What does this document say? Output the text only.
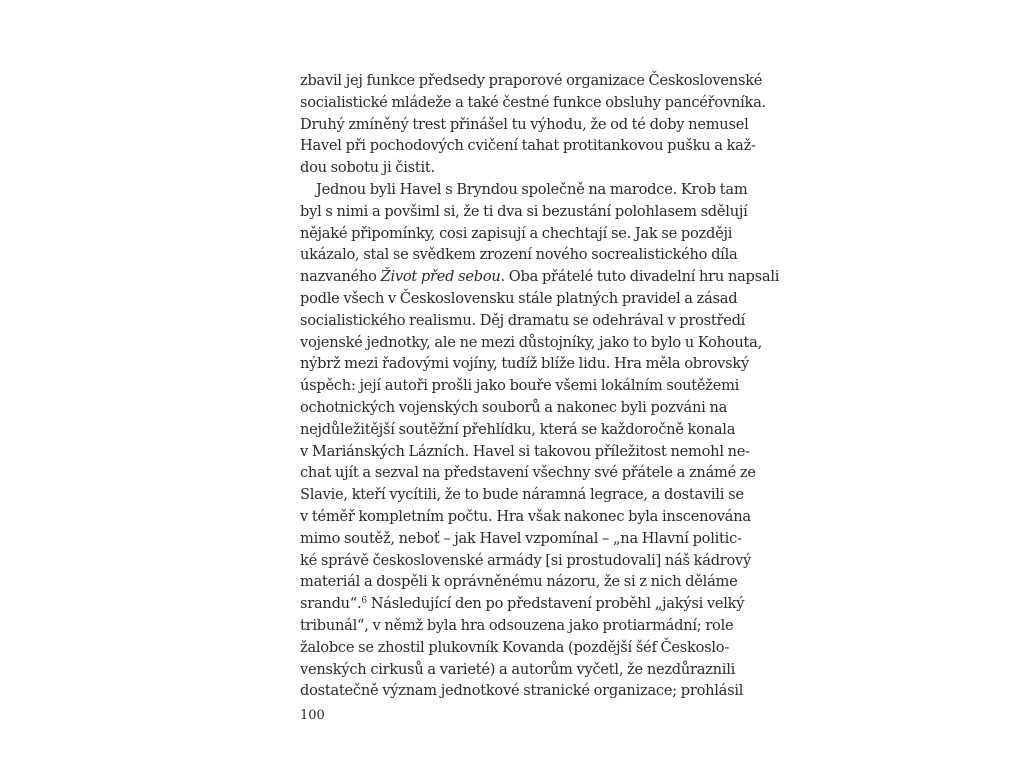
zbavil jej funkce předsedy praporové organizace Československé
socialistické mládeže a také čestné funkce obsluhy pancéřovníka.
Druhý zmíněný trest přinášel tu výhodu, že od té doby nemusel
Havel při pochodových cvičení tahat protitankovou pušku a kaž-
dou sobotu ji čistit.
Jednou byli Havel s Bryndou společně na marodce. Krob tam
byl s nimi a povšiml si, že ti dva si bezustání polohlasem sdělují
nějaké připomínky, cosi zapisují a chechtají se. Jak se později
ukázalo, stal se svědkem zrození nového socrealistického díla
nazvaného Život před sebou. Oba přátelé tuto divadelní hru napsali
podle všech v Československu stále platných pravidel a zásad
socialistického realismu. Děj dramatu se odehrával v prostředí
vojenské jednotky, ale ne mezi důstojníky, jako to bylo u Kohouta,
nýbrž mezi řadovými vojíny, tudíž blíže lidu. Hra měla obrovský
úspěch: její autoři prošli jako bouře všemi lokálním soutěžemi
ochotnických vojenských souborů a nakonec byli pozváni na
nejdůležitější soutěžní přehlídku, která se každoročně konala
v Mariánských Lázních. Havel si takovou příležitost nemohl ne-
chat ujít a sezval na představení všechny své přátele a známé ze
Slavie, kteří vycítili, že to bude náramná legrace, a dostavili se
v téměř kompletním počtu. Hra však nakonec byla inscenována
mimo soutěž, neboť – jak Havel vzpomínal – „na Hlavní politic-
ké správě československé armády [si prostudovali] náš kádrový
materiál a dospěli k oprávněnému názoru, že si z nich děláme
srandu“.$^6$ Následující den po představení proběhl „jakýsi velký
tribunál“, v němž byla hra odsouzena jako protiarmádní; role
žalobce se zhostil plukovník Kovanda (pozdější šéf Českoslo-
venských cirkusů a varieté) a autorům vyčetl, že nezdůraznili
dostatečně význam jednotkové stranické organizace; prohlásil
100
